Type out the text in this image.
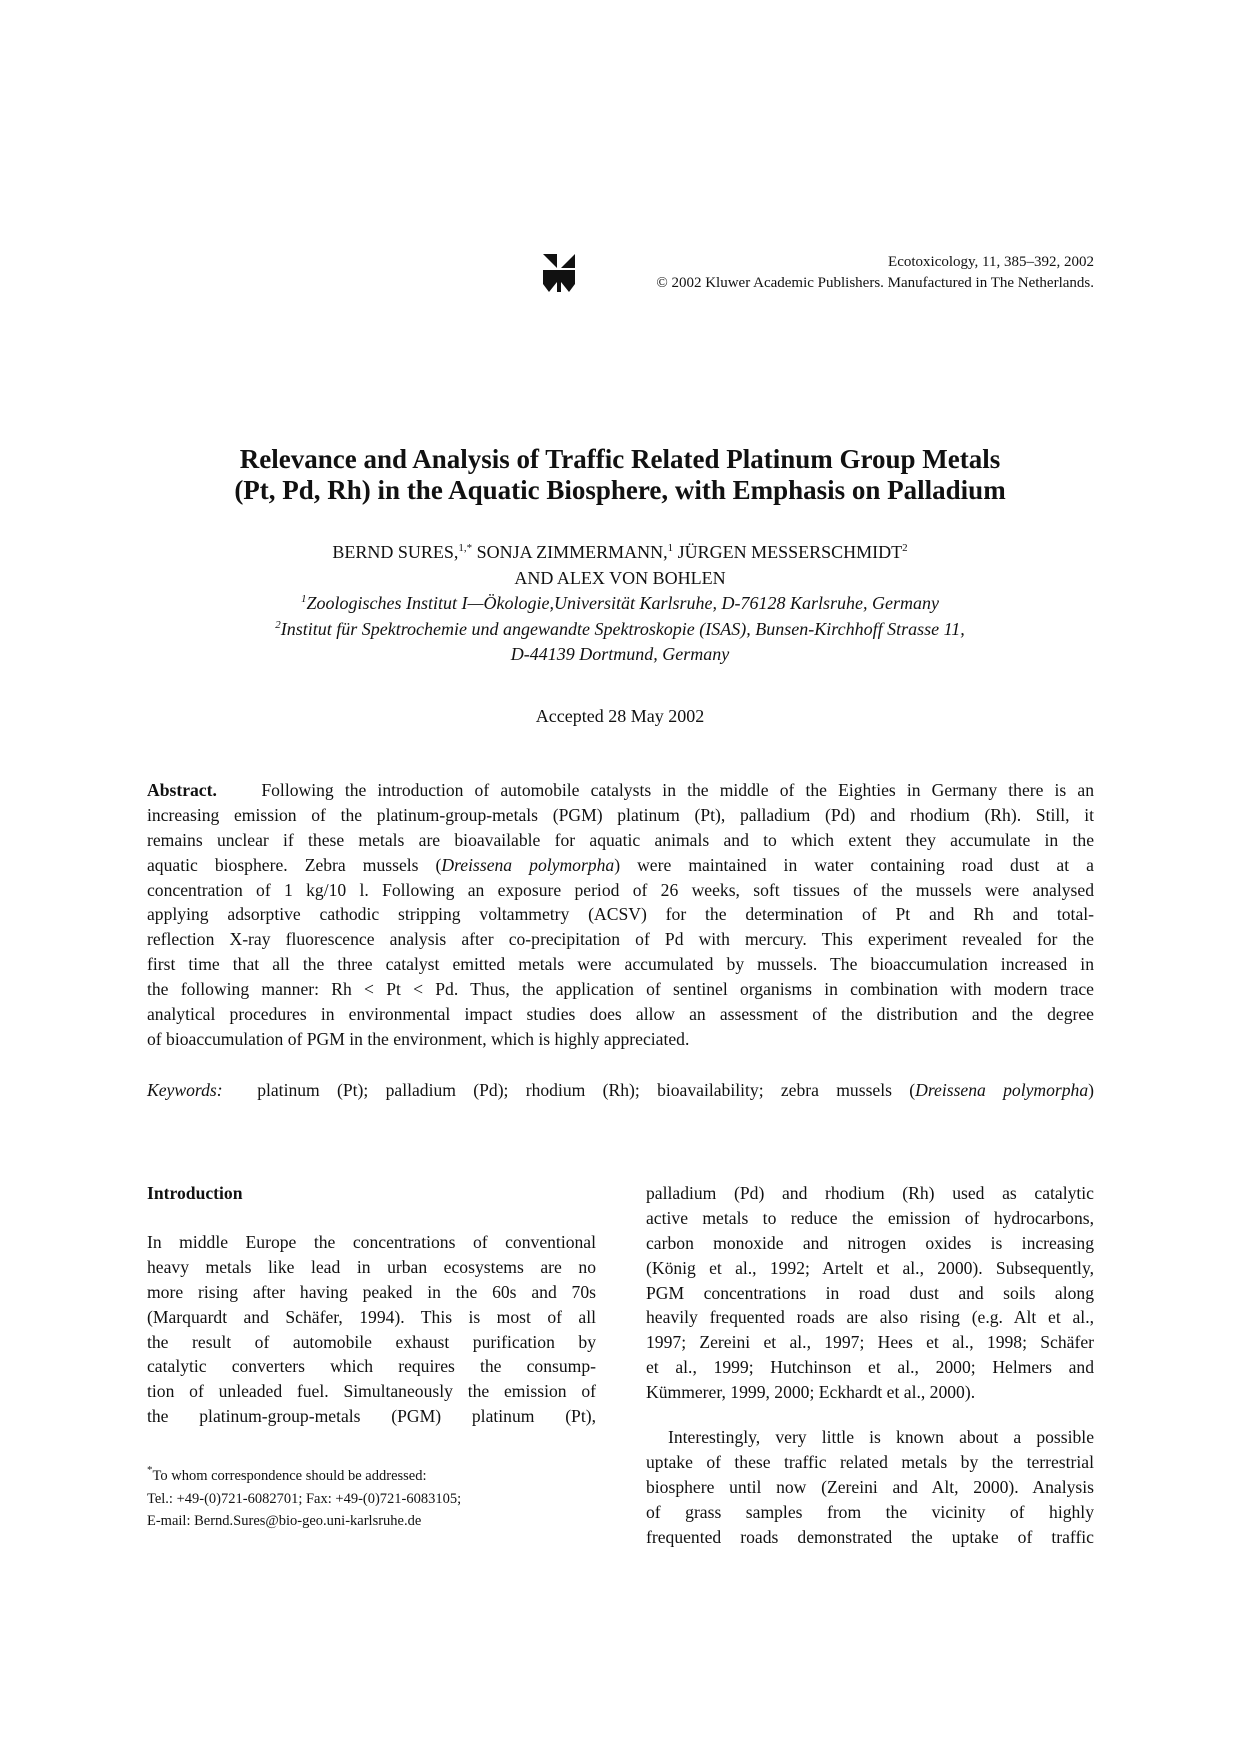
Ecotoxicology, 11, 385–392, 2002
© 2002 Kluwer Academic Publishers. Manufactured in The Netherlands.
Relevance and Analysis of Traffic Related Platinum Group Metals
(Pt, Pd, Rh) in the Aquatic Biosphere, with Emphasis on Palladium
BERND SURES,$^{1,*}$ SONJA ZIMMERMANN,$^1$ JÜRGEN MESSERSCHMIDT$^2$
AND ALEX VON BOHLEN
$^1$Zoologisches Institut I—Ökologie,Universität Karlsruhe, D-76128 Karlsruhe, Germany
$^2$Institut für Spektrochemie und angewandte Spektroskopie (ISAS), Bunsen-Kirchhoff Strasse 11,
D-44139 Dortmund, Germany
Accepted 28 May 2002
Abstract.    Following the introduction of automobile catalysts in the middle of the Eighties in Germany there is an
increasing emission of the platinum-group-metals (PGM) platinum (Pt), palladium (Pd) and rhodium (Rh). Still, it
remains unclear if these metals are bioavailable for aquatic animals and to which extent they accumulate in the
aquatic biosphere. Zebra mussels (Dreissena polymorpha) were maintained in water containing road dust at a
concentration of 1 kg/10 l. Following an exposure period of 26 weeks, soft tissues of the mussels were analysed
applying adsorptive cathodic stripping voltammetry (ACSV) for the determination of Pt and Rh and total-
reflection X-ray fluorescence analysis after co-precipitation of Pd with mercury. This experiment revealed for the
first time that all the three catalyst emitted metals were accumulated by mussels. The bioaccumulation increased in
the following manner: Rh < Pt < Pd. Thus, the application of sentinel organisms in combination with modern trace
analytical procedures in environmental impact studies does allow an assessment of the distribution and the degree
of bioaccumulation of PGM in the environment, which is highly appreciated.
Keywords: platinum (Pt); palladium (Pd); rhodium (Rh); bioavailability; zebra mussels (Dreissena polymorpha)
Introduction
In middle Europe the concentrations of conventional
heavy metals like lead in urban ecosystems are no
more rising after having peaked in the 60s and 70s
(Marquardt and Schäfer, 1994). This is most of all
the result of automobile exhaust purification by
catalytic converters which requires the consump-
tion of unleaded fuel. Simultaneously the emission of
the platinum-group-metals (PGM) platinum (Pt),
palladium (Pd) and rhodium (Rh) used as catalytic
active metals to reduce the emission of hydrocarbons,
carbon monoxide and nitrogen oxides is increasing
(König et al., 1992; Artelt et al., 2000). Subsequently,
PGM concentrations in road dust and soils along
heavily frequented roads are also rising (e.g. Alt et al.,
1997; Zereini et al., 1997; Hees et al., 1998; Schäfer
et al., 1999; Hutchinson et al., 2000; Helmers and
Kümmerer, 1999, 2000; Eckhardt et al., 2000).
Interestingly, very little is known about a possible
uptake of these traffic related metals by the terrestrial
biosphere until now (Zereini and Alt, 2000). Analysis
of grass samples from the vicinity of highly
frequented roads demonstrated the uptake of traffic
*To whom correspondence should be addressed:
Tel.: +49-(0)721-6082701; Fax: +49-(0)721-6083105;
E-mail: Bernd.Sures@bio-geo.uni-karlsruhe.de
